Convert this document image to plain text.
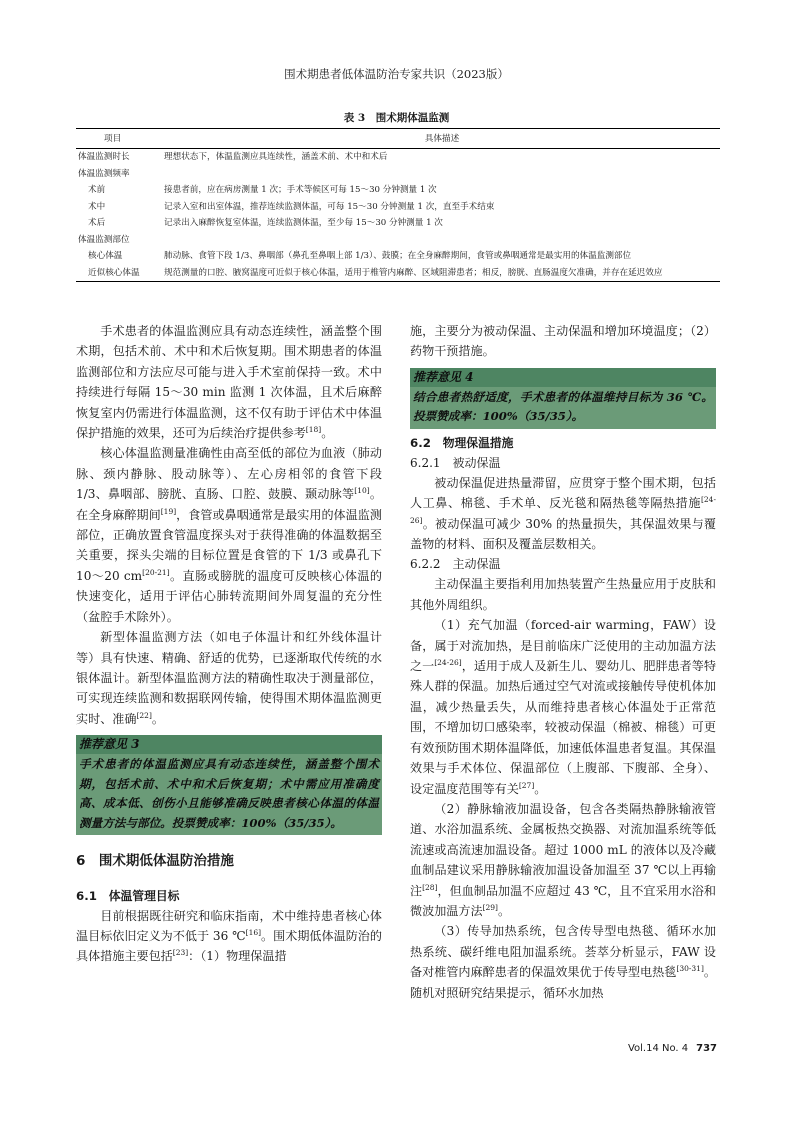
围术期患者低体温防治专家共识（2023版）
表 3　围术期体温监测
项目	具体描述
体温监测时长	理想状态下，体温监测应具连续性，涵盖术前、术中和术后
体温监测频率	
术前	接患者前，应在病房测量 1 次；手术等候区可每 15～30 分钟测量 1 次
术中	记录入室和出室体温，推荐连续监测体温，可每 15～30 分钟测量 1 次，直至手术结束
术后	记录出入麻醉恢复室体温，连续监测体温，至少每 15～30 分钟测量 1 次
体温监测部位	
核心体温	肺动脉、食管下段 1/3、鼻咽部（鼻孔至鼻咽上部 1/3）、鼓膜；在全身麻醉期间，食管或鼻咽通常是最实用的体温监测部位
近似核心体温	规范测量的口腔、腋窝温度可近似于核心体温，适用于椎管内麻醉、区域阻滞患者；相反，膀胱、直肠温度欠准确，并存在延迟效应

手术患者的体温监测应具有动态连续性，涵盖整个围术期，包括术前、术中和术后恢复期。围术期患者的体温监测部位和方法应尽可能与进入手术室前保持一致。术中持续进行每隔 15～30 min 监测 1 次体温，且术后麻醉恢复室内仍需进行体温监测，这不仅有助于评估术中体温保护措施的效果，还可为后续治疗提供参考[18]。

核心体温监测量准确性由高至低的部位为血液（肺动脉、颈内静脉、股动脉等）、左心房相邻的食管下段 1/3、鼻咽部、膀胱、直肠、口腔、鼓膜、颞动脉等[10]。在全身麻醉期间[19]，食管或鼻咽通常是最实用的体温监测部位，正确放置食管温度探头对于获得准确的体温数据至关重要，探头尖端的目标位置是食管的下 1/3 或鼻孔下 10～20 cm[20-21]。直肠或膀胱的温度可反映核心体温的快速变化，适用于评估心肺转流期间外周复温的充分性（盆腔手术除外）。

新型体温监测方法（如电子体温计和红外线体温计等）具有快速、精确、舒适的优势，已逐渐取代传统的水银体温计。新型体温监测方法的精确性取决于测量部位，可实现连续监测和数据联网传输，使得围术期体温监测更实时、准确[22]。

推荐意见 3
手术患者的体温监测应具有动态连续性，涵盖整个围术期，包括术前、术中和术后恢复期；术中需应用准确度高、成本低、创伤小且能够准确反映患者核心体温的体温测量方法与部位。投票赞成率：100%（35/35）。
6　围术期低体温防治措施
6.1　体温管理目标

目前根据既往研究和临床指南，术中维持患者核心体温目标依旧定义为不低于 36 ℃[16]。围术期低体温防治的具体措施主要包括[23]：（1）物理保温措

施，主要分为被动保温、主动保温和增加环境温度；（2）药物干预措施。

推荐意见 4
结合患者热舒适度，手术患者的体温维持目标为 36 ℃。投票赞成率：100%（35/35）。
6.2　物理保温措施
6.2.1　被动保温

被动保温促进热量滞留，应贯穿于整个围术期，包括人工鼻、棉毯、手术单、反光毯和隔热毯等隔热措施[24-26]。被动保温可减少 30% 的热量损失，其保温效果与覆盖物的材料、面积及覆盖层数相关。

6.2.2　主动保温

主动保温主要指利用加热装置产生热量应用于皮肤和其他外周组织。

（1）充气加温（forced-air warming，FAW）设备，属于对流加热，是目前临床广泛使用的主动加温方法之一[24-26]，适用于成人及新生儿、婴幼儿、肥胖患者等特殊人群的保温。加热后通过空气对流或接触传导使机体加温，减少热量丢失，从而维持患者核心体温处于正常范围，不增加切口感染率，较被动保温（棉被、棉毯）可更有效预防围术期体温降低，加速低体温患者复温。其保温效果与手术体位、保温部位（上腹部、下腹部、全身）、设定温度范围等有关[27]。

（2）静脉输液加温设备，包含各类隔热静脉输液管道、水浴加温系统、金属板热交换器、对流加温系统等低流速或高流速加温设备。超过 1000 mL 的液体以及冷藏血制品建议采用静脉输液加温设备加温至 37 ℃以上再输注[28]，但血制品加温不应超过 43 ℃，且不宜采用水浴和微波加温方法[29]。

（3）传导加热系统，包含传导型电热毯、循环水加热系统、碳纤维电阻加温系统。荟萃分析显示，FAW 设备对椎管内麻醉患者的保温效果优于传导型电热毯[30-31]。随机对照研究结果提示，循环水加热

Vol.14 No. 4 737
